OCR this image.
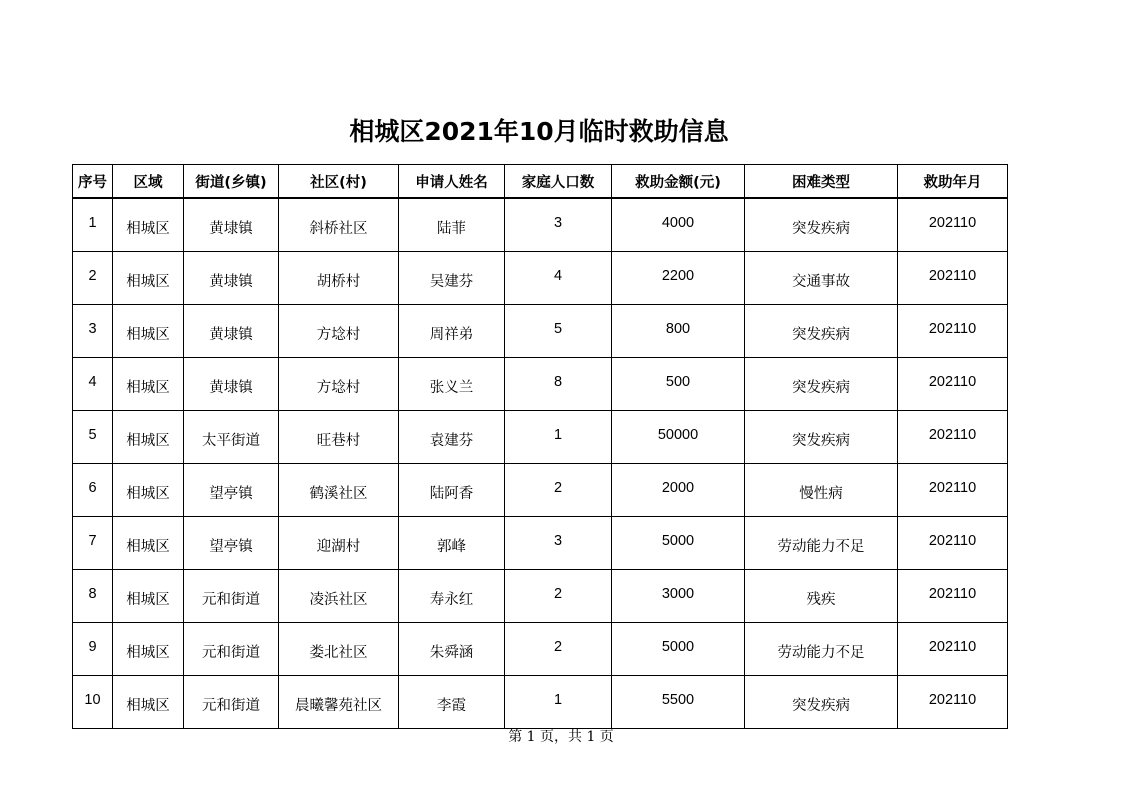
相城区2021年10月临时救助信息
序号	区域	街道(乡镇)	社区(村)	申请人姓名	家庭人口数	救助金额(元)	困难类型	救助年月
1	相城区	黄埭镇	斜桥社区	陆菲	3	4000	突发疾病	202110
2	相城区	黄埭镇	胡桥村	吴建芬	4	2200	交通事故	202110
3	相城区	黄埭镇	方埝村	周祥弟	5	800	突发疾病	202110
4	相城区	黄埭镇	方埝村	张义兰	8	500	突发疾病	202110
5	相城区	太平街道	旺巷村	袁建芬	1	50000	突发疾病	202110
6	相城区	望亭镇	鹤溪社区	陆阿香	2	2000	慢性病	202110
7	相城区	望亭镇	迎湖村	郭峰	3	5000	劳动能力不足	202110
8	相城区	元和街道	凌浜社区	寿永红	2	3000	残疾	202110
9	相城区	元和街道	娄北社区	朱舜涵	2	5000	劳动能力不足	202110
10	相城区	元和街道	晨曦馨苑社区	李霞	1	5500	突发疾病	202110
第 1 页，共 1 页
